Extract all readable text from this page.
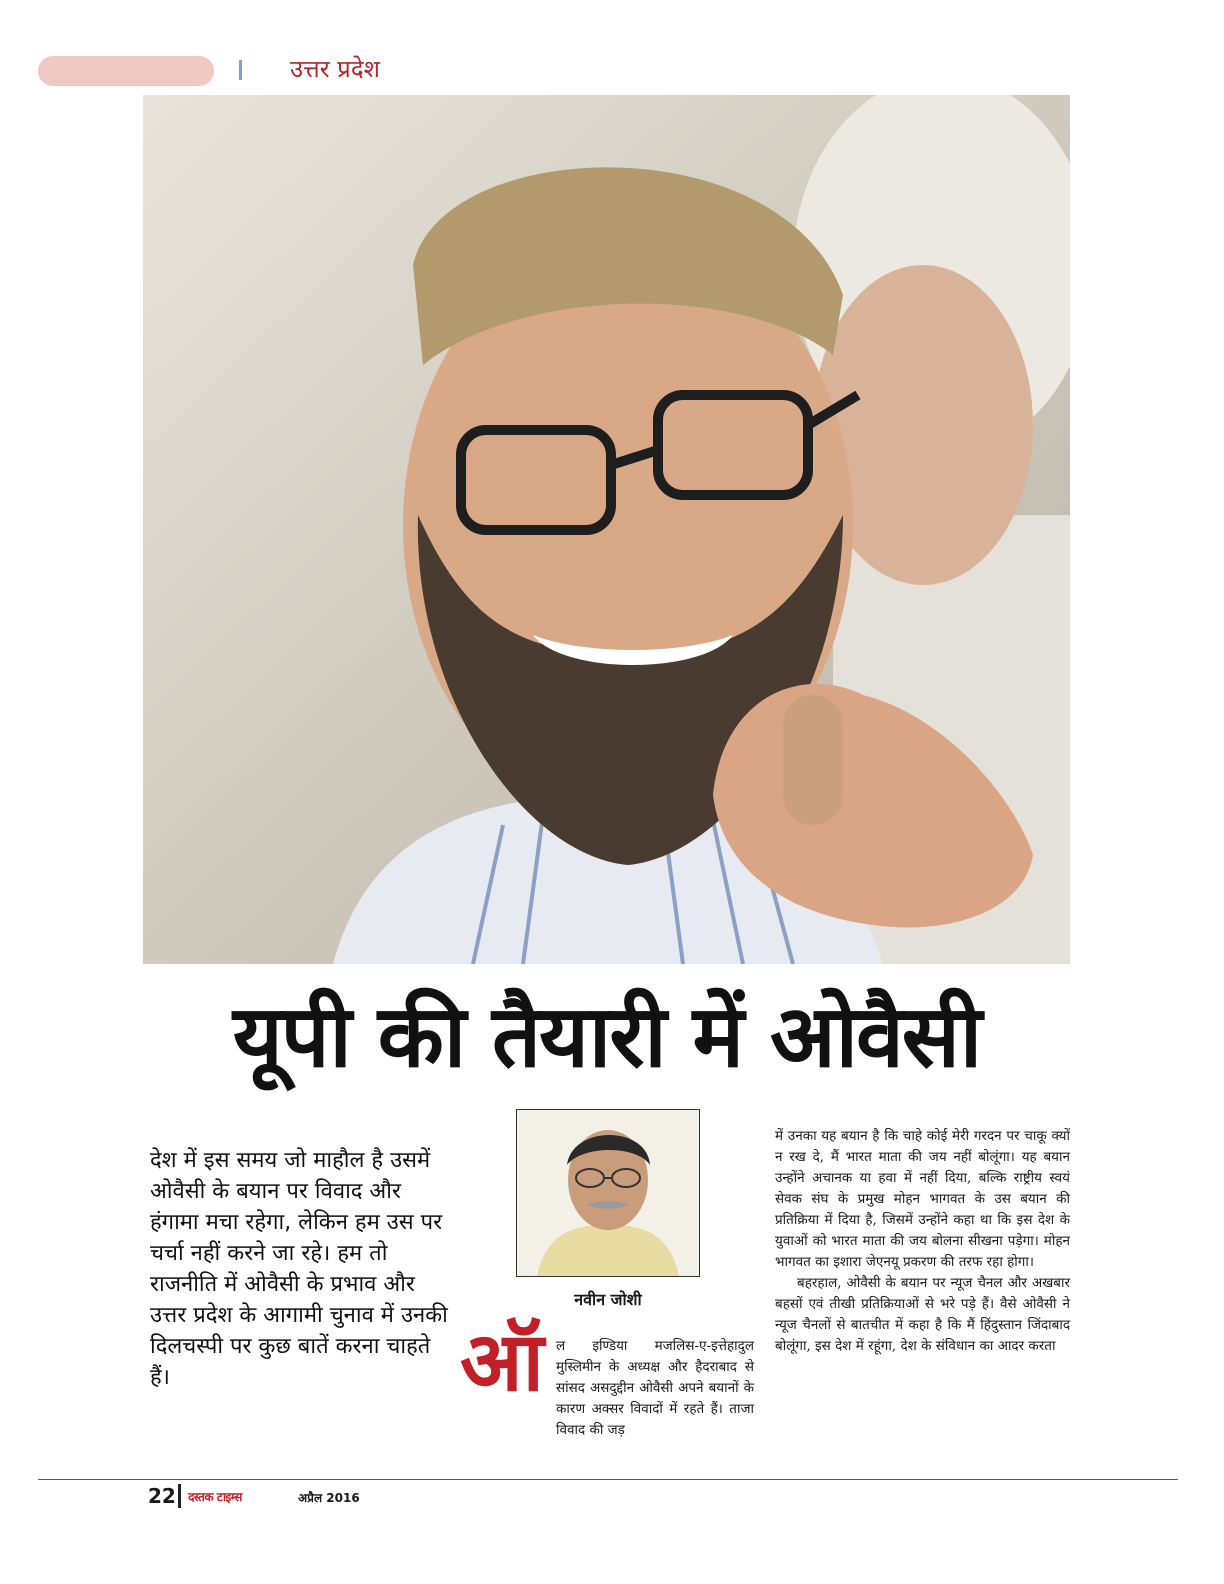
उत्तर प्रदेश
यूपी की तैयारी में ओवैसी
देश में इस समय जो माहौल है उसमें ओवैसी के बयान पर विवाद और हंगामा मचा रहेगा, लेकिन हम उस पर चर्चा नहीं करने जा रहे। हम तो राजनीति में ओवैसी के प्रभाव और उत्तर प्रदेश के आगामी चुनाव में उनकी दिलचस्पी पर कुछ बातें करना चाहते हैं।
नवीन जोशी
ऑ ल इण्डिया मजलिस-ए-इत्तेहादुल मुस्लिमीन के अध्यक्ष और हैदराबाद से सांसद असदुद्दीन ओवैसी अपने बयानों के कारण अक्सर विवादों में रहते हैं। ताजा विवाद की जड़

में उनका यह बयान है कि चाहे कोई मेरी गरदन पर चाकू क्यों न रख दे, मैं भारत माता की जय नहीं बोलूंगा। यह बयान उन्होंने अचानक या हवा में नहीं दिया, बल्कि राष्ट्रीय स्वयं सेवक संघ के प्रमुख मोहन भागवत के उस बयान की प्रतिक्रिया में दिया है, जिसमें उन्होंने कहा था कि इस देश के युवाओं को भारत माता की जय बोलना सीखना पड़ेगा। मोहन भागवत का इशारा जेएनयू प्रकरण की तरफ रहा होगा।

बहरहाल, ओवैसी के बयान पर न्यूज चैनल और अखबार बहसों एवं तीखी प्रतिक्रियाओं से भरे पड़े हैं। वैसे ओवैसी ने न्यूज चैनलों से बातचीत में कहा है कि मैं हिंदुस्तान जिंदाबाद बोलूंगा, इस देश में रहूंगा, देश के संविधान का आदर करता

22 दस्तक टाइम्स	अप्रैल 2016
